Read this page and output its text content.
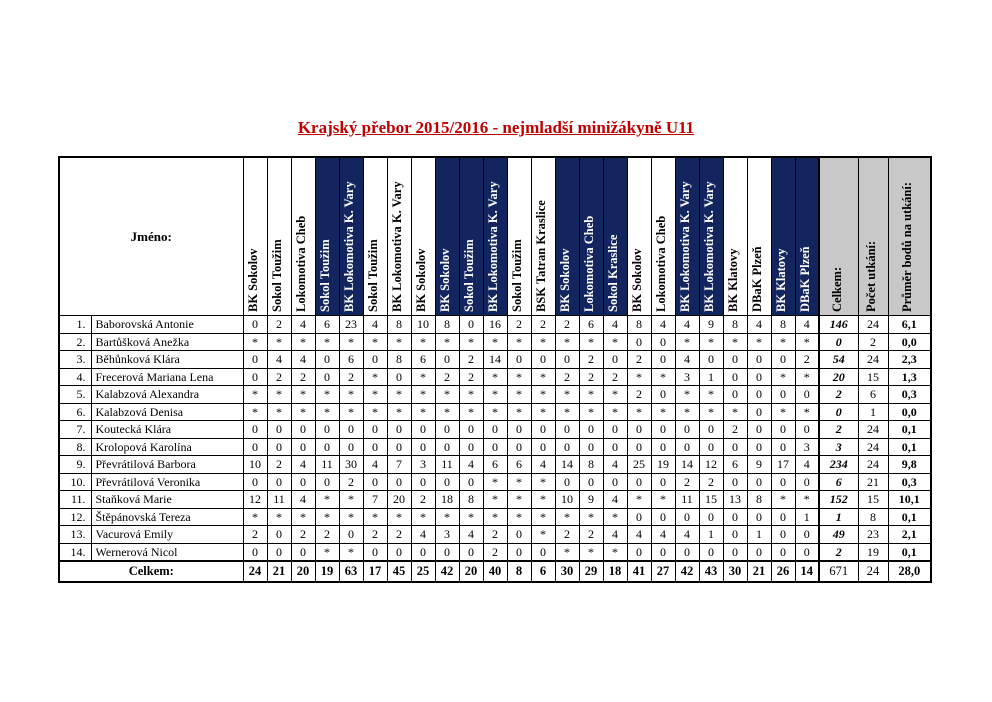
Krajský přebor 2015/2016 - nejmladší minižákyně U11
Jméno:		BK Sokolov	Sokol Toužim	Lokomotiva Cheb	Sokol Toužim	BK Lokomotiva K. Vary	Sokol Toužim	BK Lokomotiva K. Vary	BK Sokolov	BK Sokolov	Sokol Toužim	BK Lokomotiva K. Vary	Sokol Toužim	BSK Tatran Kraslice	BK Sokolov	Lokomotiva Cheb	Sokol Kraslice	BK Sokolov	Lokomotiva Cheb	BK Lokomotiva K. Vary	BK Lokomotiva K. Vary	BK Klatovy	DBaK Plzeň	BK Klatovy	DBaK Plzeň	Celkem:	Počet utkání:	Průměr bodů na utkání:

1.	Baborovská Antonie	0	2	4	6	23	4	8	10	8	0	16	2	2	2	6	4	8	4	4	9	8	4	8	4	146	24	6,1
2.	Bartůšková Anežka	*	*	*	*	*	*	*	*	*	*	*	*	*	*	*	*	0	0	*	*	*	*	*	*	0	2	0,0
3.	Běhůnková Klára	0	4	4	0	6	0	8	6	0	2	14	0	0	0	2	0	2	0	4	0	0	0	0	2	54	24	2,3
4.	Frecerová Mariana Lena	0	2	2	0	2	*	0	*	2	2	*	*	*	2	2	2	*	*	3	1	0	0	*	*	20	15	1,3
5.	Kalabzová Alexandra	*	*	*	*	*	*	*	*	*	*	*	*	*	*	*	*	2	0	*	*	0	0	0	0	2	6	0,3
6.	Kalabzová Denisa	*	*	*	*	*	*	*	*	*	*	*	*	*	*	*	*	*	*	*	*	*	0	*	*	0	1	0,0
7.	Koutecká Klára	0	0	0	0	0	0	0	0	0	0	0	0	0	0	0	0	0	0	0	0	2	0	0	0	2	24	0,1
8.	Krolopová Karolína	0	0	0	0	0	0	0	0	0	0	0	0	0	0	0	0	0	0	0	0	0	0	0	3	3	24	0,1
9.	Převrátilová Barbora	10	2	4	11	30	4	7	3	11	4	6	6	4	14	8	4	25	19	14	12	6	9	17	4	234	24	9,8
10.	Převrátilová Veronika	0	0	0	0	2	0	0	0	0	0	*	*	*	0	0	0	0	0	2	2	0	0	0	0	6	21	0,3
11.	Staňková Marie	12	11	4	*	*	7	20	2	18	8	*	*	*	10	9	4	*	*	11	15	13	8	*	*	152	15	10,1
12.	Štěpánovská Tereza	*	*	*	*	*	*	*	*	*	*	*	*	*	*	*	*	0	0	0	0	0	0	0	1	1	8	0,1
13.	Vacurová Emily	2	0	2	2	0	2	2	4	3	4	2	0	*	2	2	4	4	4	4	1	0	1	0	0	49	23	2,1
14.	Wernerová Nicol	0	0	0	*	*	0	0	0	0	0	2	0	0	*	*	*	0	0	0	0	0	0	0	0	2	19	0,1
Celkem:		24	21	20	19	63	17	45	25	42	20	40	8	6	30	29	18	41	27	42	43	30	21	26	14	671	24	28,0
